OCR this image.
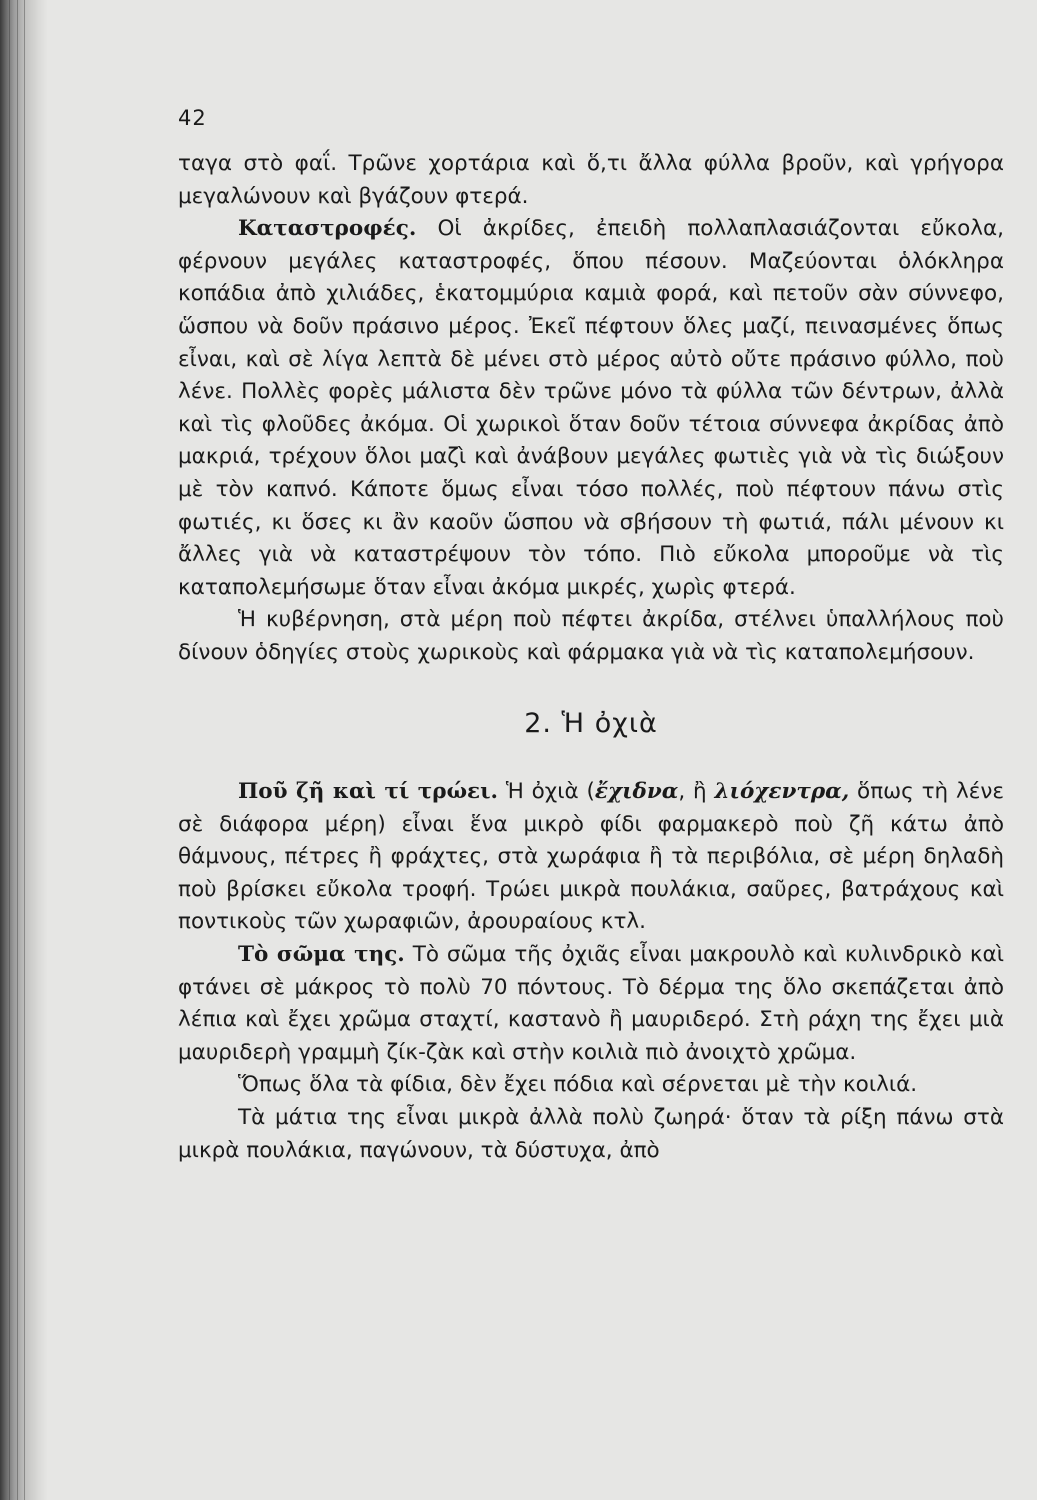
42

ταγα στὸ φαΐ. Τρῶνε χορτάρια καὶ ὅ,τι ἄλλα φύλλα βροῦν, καὶ γρήγορα μεγαλώνουν καὶ βγάζουν φτερά.

Καταστροφές. Οἱ ἀκρίδες, ἐπειδὴ πολλαπλασιάζονται εὔκολα, φέρνουν μεγάλες καταστροφές, ὅπου πέσουν. Μαζεύονται ὁλόκληρα κοπάδια ἀπὸ χιλιάδες, ἑκατομμύρια καμιὰ φορά, καὶ πετοῦν σὰν σύννεφο, ὥσπου νὰ δοῦν πράσινο μέρος. Ἐκεῖ πέφτουν ὅλες μαζί, πεινασμένες ὅπως εἶναι, καὶ σὲ λίγα λεπτὰ δὲ μένει στὸ μέρος αὐτὸ οὔτε πράσινο φύλλο, ποὺ λένε. Πολλὲς φορὲς μάλιστα δὲν τρῶνε μόνο τὰ φύλλα τῶν δέντρων, ἀλλὰ καὶ τὶς φλοῦδες ἀκόμα. Οἱ χωρικοὶ ὅταν δοῦν τέτοια σύννεφα ἀκρίδας ἀπὸ μακριά, τρέχουν ὅλοι μαζὶ καὶ ἀνάβουν μεγάλες φωτιὲς γιὰ νὰ τὶς διώξουν μὲ τὸν καπνό. Κάποτε ὅμως εἶναι τόσο πολλές, ποὺ πέφτουν πάνω στὶς φωτιές, κι ὅσες κι ἂν καοῦν ὥσπου νὰ σβήσουν τὴ φωτιά, πάλι μένουν κι ἄλλες γιὰ νὰ καταστρέψουν τὸν τόπο. Πιὸ εὔκολα μποροῦμε νὰ τὶς καταπολεμήσωμε ὅταν εἶναι ἀκόμα μικρές, χωρὶς φτερά.

Ἡ κυβέρνηση, στὰ μέρη ποὺ πέφτει ἀκρίδα, στέλνει ὑπαλλήλους ποὺ δίνουν ὁδηγίες στοὺς χωρικοὺς καὶ φάρμακα γιὰ νὰ τὶς καταπολεμήσουν.

2. Ἡ ὀχιὰ

Ποῦ ζῆ καὶ τί τρώει. Ἡ ὀχιὰ (ἔχιδνα, ἢ λιόχεντρα, ὅπως τὴ λένε σὲ διάφορα μέρη) εἶναι ἕνα μικρὸ φίδι φαρμακερὸ ποὺ ζῆ κάτω ἀπὸ θάμνους, πέτρες ἢ φράχτες, στὰ χωράφια ἢ τὰ περιβόλια, σὲ μέρη δηλαδὴ ποὺ βρίσκει εὔκολα τροφή. Τρώει μικρὰ πουλάκια, σαῦρες, βατράχους καὶ ποντικοὺς τῶν χωραφιῶν, ἀρουραίους κτλ.

Τὸ σῶμα της. Τὸ σῶμα τῆς ὀχιᾶς εἶναι μακρουλὸ καὶ κυλινδρικὸ καὶ φτάνει σὲ μάκρος τὸ πολὺ 70 πόντους. Τὸ δέρμα της ὅλο σκεπάζεται ἀπὸ λέπια καὶ ἔχει χρῶμα σταχτί, καστανὸ ἢ μαυριδερό. Στὴ ράχη της ἔχει μιὰ μαυριδερὴ γραμμὴ ζίκ-ζὰκ καὶ στὴν κοιλιὰ πιὸ ἀνοιχτὸ χρῶμα.

Ὅπως ὅλα τὰ φίδια, δὲν ἔχει πόδια καὶ σέρνεται μὲ τὴν κοιλιά.

Τὰ μάτια της εἶναι μικρὰ ἀλλὰ πολὺ ζωηρά· ὅταν τὰ ρίξη πάνω στὰ μικρὰ πουλάκια, παγώνουν, τὰ δύστυχα, ἀπὸ
